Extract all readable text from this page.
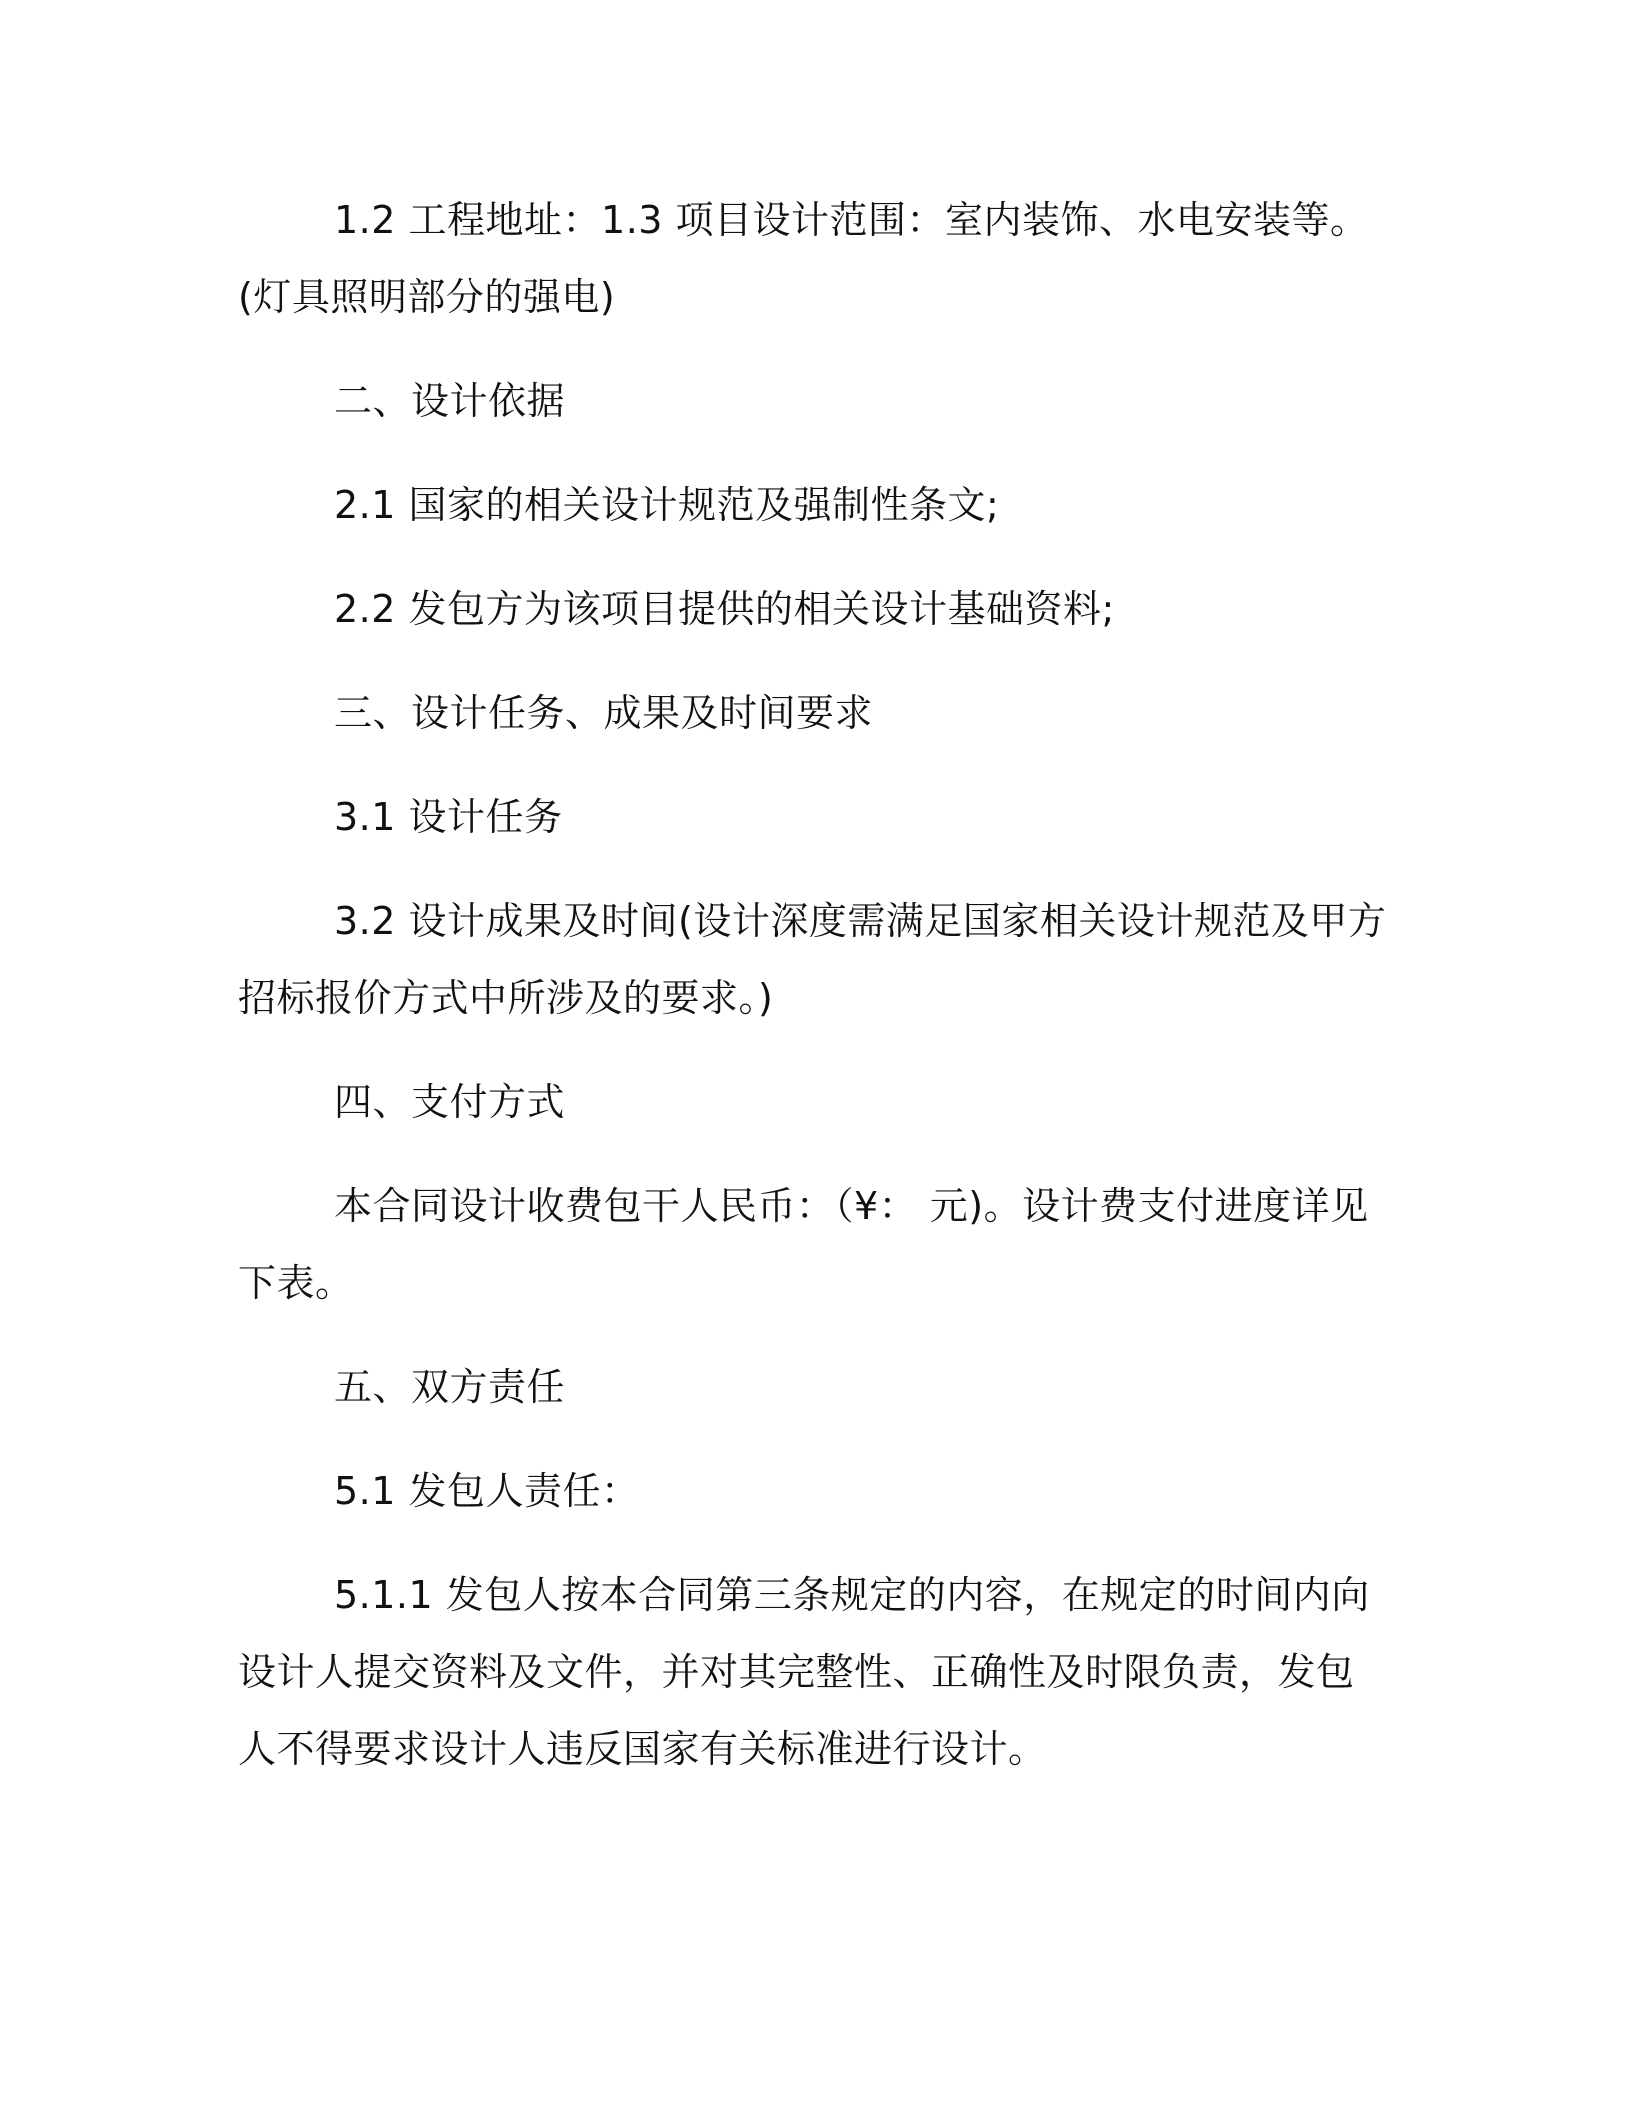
1.2 工程地址：1.3 项目设计范围：室内装饰、水电安装等。(灯具照明部分的强电)

二、设计依据

2.1 国家的相关设计规范及强制性条文;

2.2 发包方为该项目提供的相关设计基础资料;

三、设计任务、成果及时间要求

3.1 设计任务

3.2 设计成果及时间(设计深度需满足国家相关设计规范及甲方招标报价方式中所涉及的要求。)

四、支付方式

本合同设计收费包干人民币：（¥： 元)。设计费支付进度详见下表。

五、双方责任

5.1 发包人责任：

5.1.1 发包人按本合同第三条规定的内容，在规定的时间内向设计人提交资料及文件，并对其完整性、正确性及时限负责，发包人不得要求设计人违反国家有关标准进行设计。
